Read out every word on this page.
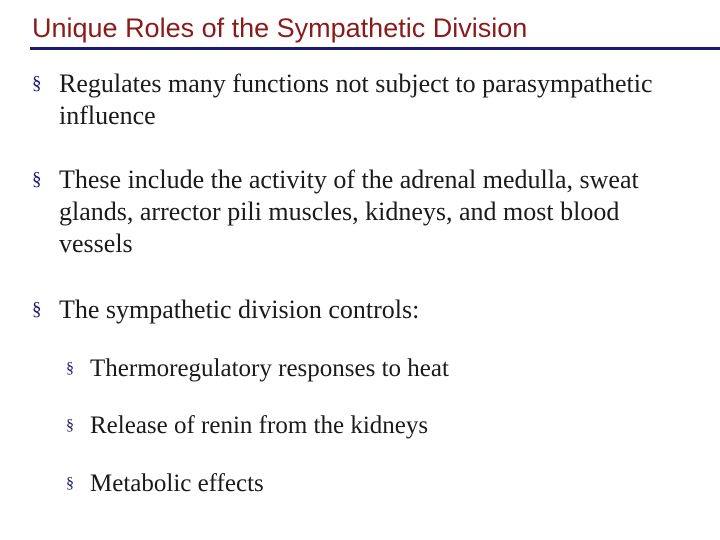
Unique Roles of the Sympathetic Division
§ Regulates many functions not subject to parasympathetic influence
§ These include the activity of the adrenal medulla, sweat glands, arrector pili muscles, kidneys, and most blood vessels
§ The sympathetic division controls:
§ Thermoregulatory responses to heat
§ Release of renin from the kidneys
§ Metabolic effects
